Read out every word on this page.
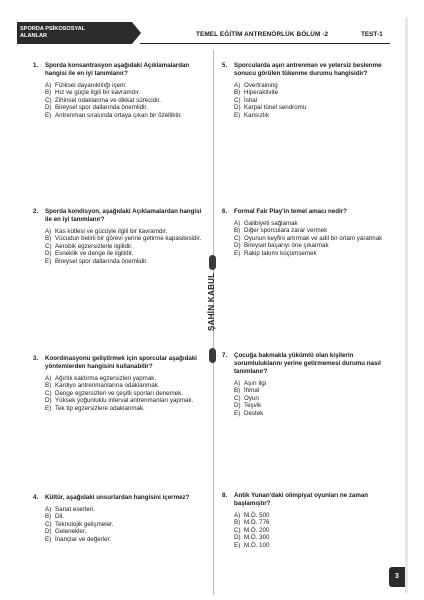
SPORDA PSİKOSOSYAL
ALANLAR	TEMEL EĞİTİM ANTRENÖRLÜK BÖLÜM -2	TEST-1
ŞAHİN KABUL
1.	Sporda konsantrasyon aşağıdaki Açıklamalardan hangisi ile en iyi tanımlanır?
A) Fiziksel dayanıklılığı içerir.
B) Hız ve güçle ilgili bir kavramdır.
C) Zihinsel odaklanma ve dikkat sürecidir.
D) Bireysel spor dallarında önemlidir.
E) Antrenman sırasında ortaya çıkan bir özelliktir.
2.	Sporda kondisyon, aşağıdaki Açıklamalardan hangisi ile en iyi tanımlanır?
A) Kas kütlesi ve gücüyle ilgili bir kavramdır.
B) Vücudun belirli bir görevi yerine getirme kapasitesidir.
C) Aerobik egzersizlerle ilgilidir.
D) Esneklik ve denge ile ilgilidir.
E) Bireysel spor dallarında önemlidir.
3.	Koordinasyonu geliştirmek için sporcular aşağıdaki yöntemlerden hangisini kullanabilir?
A) Ağırlık kaldırma egzersizleri yapmak.
B) Kardiyo antrenmanlarına odaklanmak.
C) Denge egzersizleri ve çeşitli sporları denemek.
D) Yüksek yoğunluklu interval antrenmanları yapmak.
E) Tek tip egzersizlere odaklanmak.
4.	Kültür, aşağıdaki unsurlardan hangisini içermez?
A) Sanat eserleri.
B) Dil.
C) Teknolojik gelişmeler.
D) Gelenekler.
E) İnançlar ve değerler.
5.	Sporcularda aşırı antrenman ve yetersiz beslenme sonucu görülen tükenme durumu hangisidir?
A) Overtraining
B) Hiperaktivite
C) İshal
D) Karpal tünel sendromu
E) Kansızlık
6.	Formal Fair Play'in temel amacı nedir?
A) Galibiyeti sağlamak
B) Diğer sporculara zarar vermek
C) Oyunun keyfini artırmak ve adil bir ortam yaratmak
D) Bireysel başarıyı öne çıkarmak
E) Rakip takımı küçümsemek
7.	Çocuğa bakmakla yükümlü olan kişilerin sorumluluklarını yerine getirmemesi durumu nasıl tanımlanır?
A) Aşırı ilgi
B) İhmal
C) Oyun
D) Teşvik
E) Destek
8.	Antik Yunan'daki olimpiyat oyunları ne zaman başlamıştır?
A) M.Ö. 500
B) M.Ö. 776
C) M.Ö. 200
D) M.Ö. 300
E) M.Ö. 100
3
